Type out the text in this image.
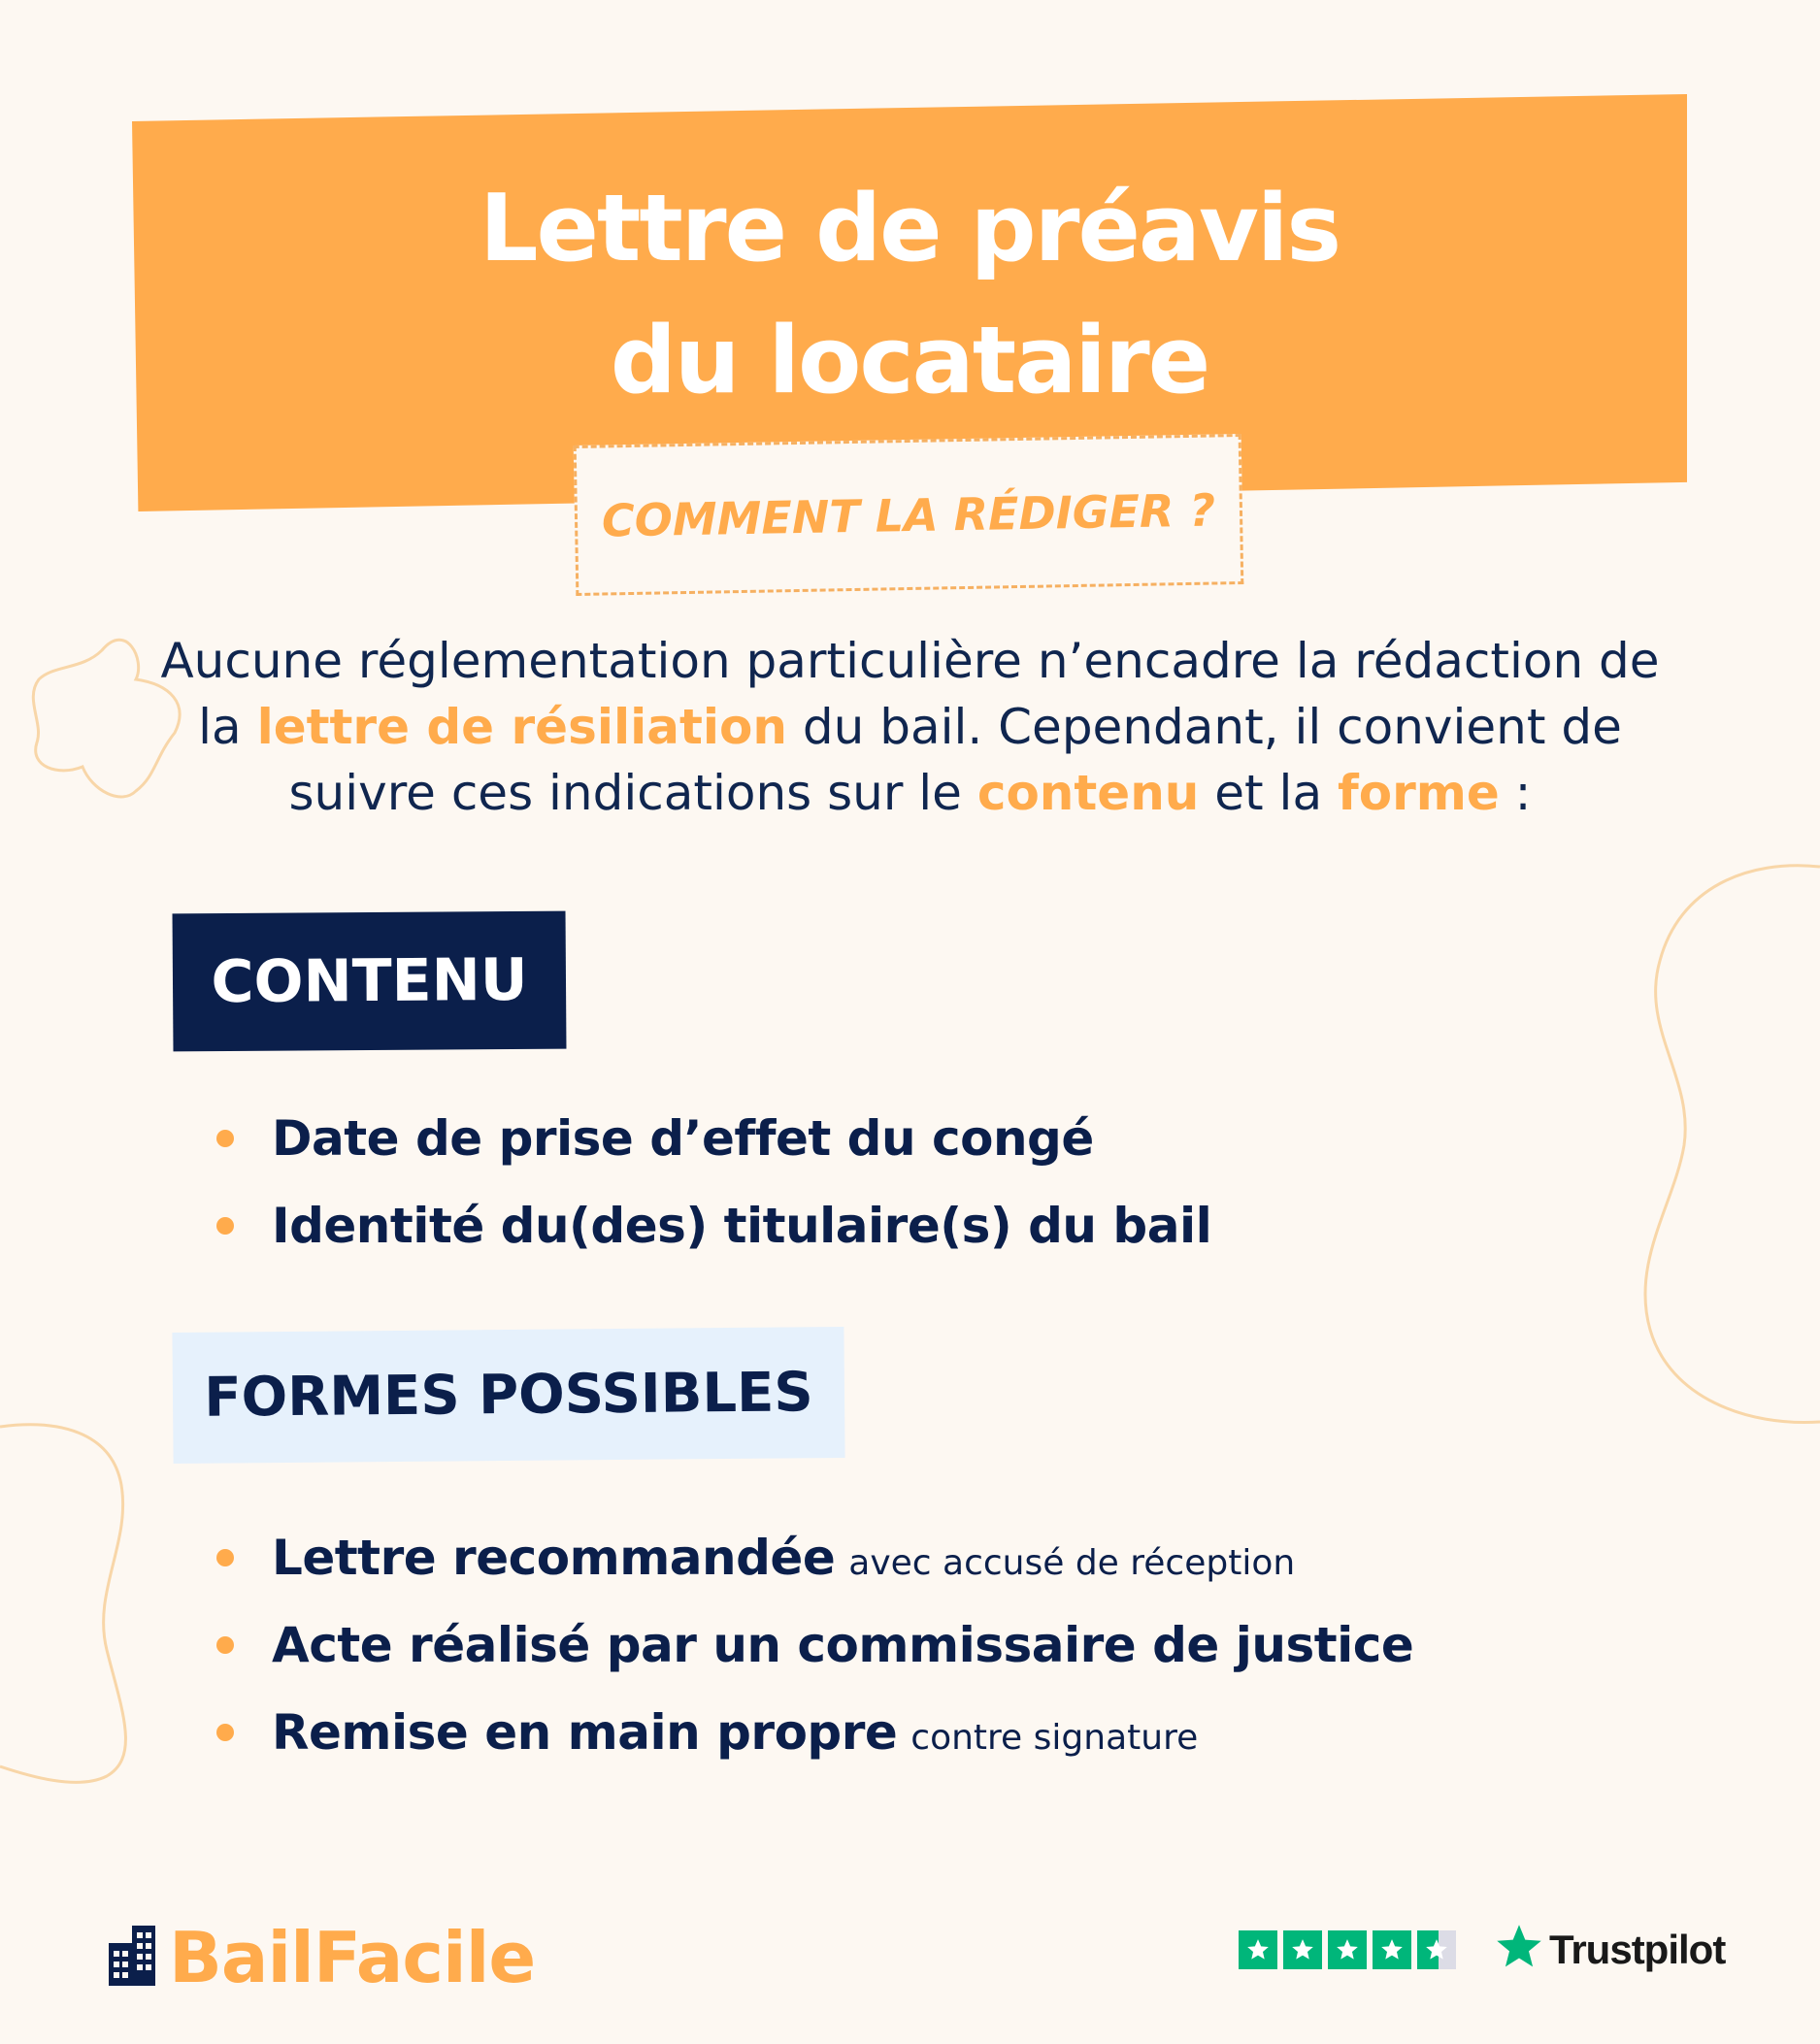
Lettre de préavis
du locataire
COMMENT LA RÉDIGER ?
Aucune réglementation particulière n’encadre la rédaction de la lettre de résiliation du bail. Cependant, il convient de suivre ces indications sur le contenu et la forme :
CONTENU
Date de prise d’effet du congé
Identité du(des) titulaire(s) du bail
FORMES POSSIBLES
Lettre recommandée avec accusé de réception
Acte réalisé par un commissaire de justice
Remise en main propre contre signature
BailFacile	Trustpilot
